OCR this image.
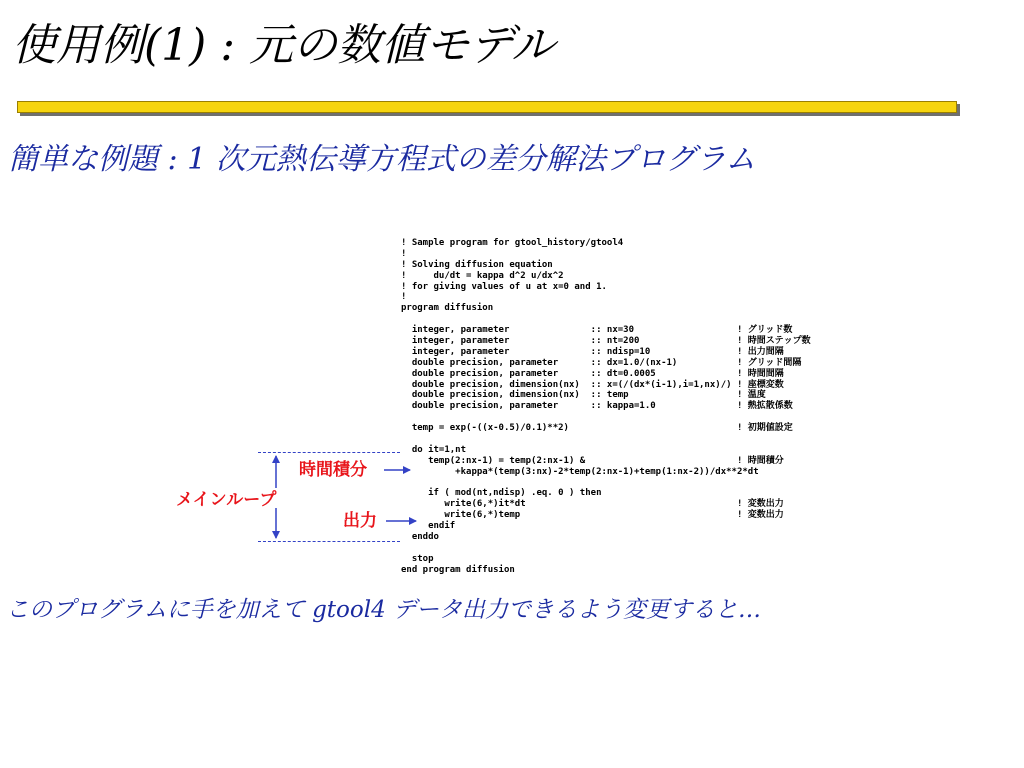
使用例(1) : 元の数値モデル
簡単な例題 : 1 次元熱伝導方程式の差分解法プログラム
! Sample program for gtool_history/gtool4
!
! Solving diffusion equation
!     du/dt = kappa d^2 u/dx^2
! for giving values of u at x=0 and 1.
!
program diffusion

integer, parameter               :: nx=30                   ! グリッド数
integer, parameter               :: nt=200                  ! 時間ステップ数
integer, parameter               :: ndisp=10                ! 出力間隔
double precision, parameter      :: dx=1.0/(nx-1)           ! グリッド間隔
double precision, parameter      :: dt=0.0005               ! 時間間隔
double precision, dimension(nx)  :: x=(/(dx*(i-1),i=1,nx)/) ! 座標変数
double precision, dimension(nx)  :: temp                    ! 温度
double precision, parameter      :: kappa=1.0               ! 熱拡散係数

temp = exp(-((x-0.5)/0.1)**2)                               ! 初期値設定

do it=1,nt
temp(2:nx-1) = temp(2:nx-1) &                            ! 時間積分
+kappa*(temp(3:nx)-2*temp(2:nx-1)+temp(1:nx-2))/dx**2*dt

if ( mod(nt,ndisp) .eq. 0 ) then
write(6,*)it*dt                                       ! 変数出力
write(6,*)temp                                        ! 変数出力
endif
enddo

stop
end program diffusion

時間積分

メインループ

出力

このプログラムに手を加えて gtool4 データ出力できるよう変更すると…
